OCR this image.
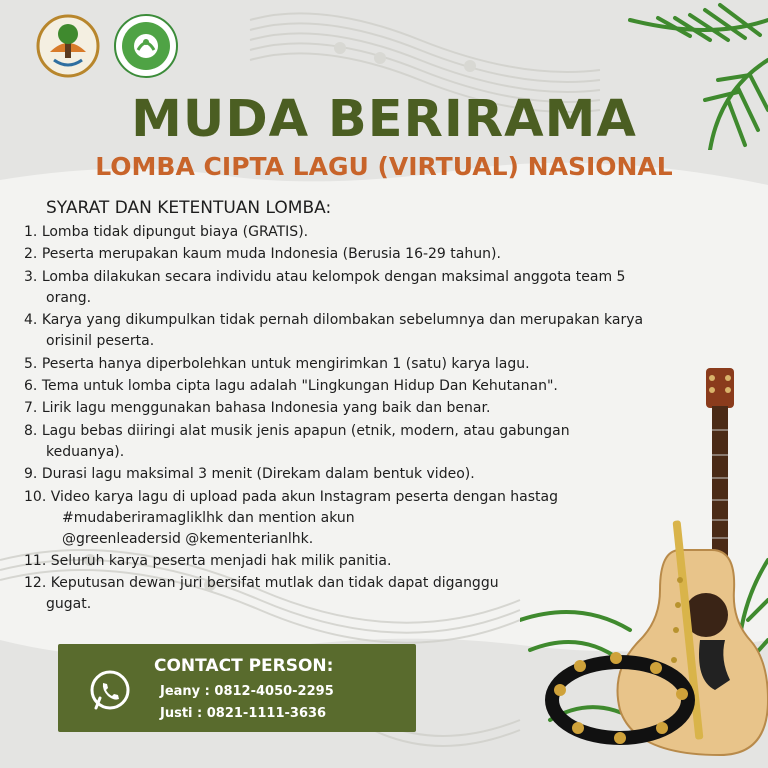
MUDA BERIRAMA
LOMBA CIPTA LAGU (VIRTUAL) NASIONAL

SYARAT DAN KETENTUAN LOMBA:

1. Lomba tidak dipungut biaya (GRATIS).
2. Peserta merupakan kaum muda Indonesia (Berusia 16-29 tahun).
3. Lomba dilakukan secara individu atau kelompok dengan maksimal anggota team 5
orang.
4. Karya yang dikumpulkan tidak pernah dilombakan sebelumnya dan merupakan karya
orisinil peserta.
5. Peserta hanya diperbolehkan untuk mengirimkan 1 (satu) karya lagu.
6. Tema untuk lomba cipta lagu adalah "Lingkungan Hidup Dan Kehutanan".
7. Lirik lagu menggunakan bahasa Indonesia yang baik dan benar.
8. Lagu bebas diiringi alat musik jenis apapun (etnik, modern, atau gabungan
keduanya).
9. Durasi lagu maksimal 3 menit (Direkam dalam bentuk video).
10. Video karya lagu di upload pada akun Instagram peserta dengan hastag
#mudaberiramagliklhk dan mention akun
@greenleadersid @kementerianlhk.
11. Seluruh karya peserta menjadi hak milik panitia.
12. Keputusan dewan juri bersifat mutlak dan tidak dapat diganggu
gugat.

CONTACT PERSON:

Jeany : 0812-4050-2295

Justi : 0821-1111-3636
